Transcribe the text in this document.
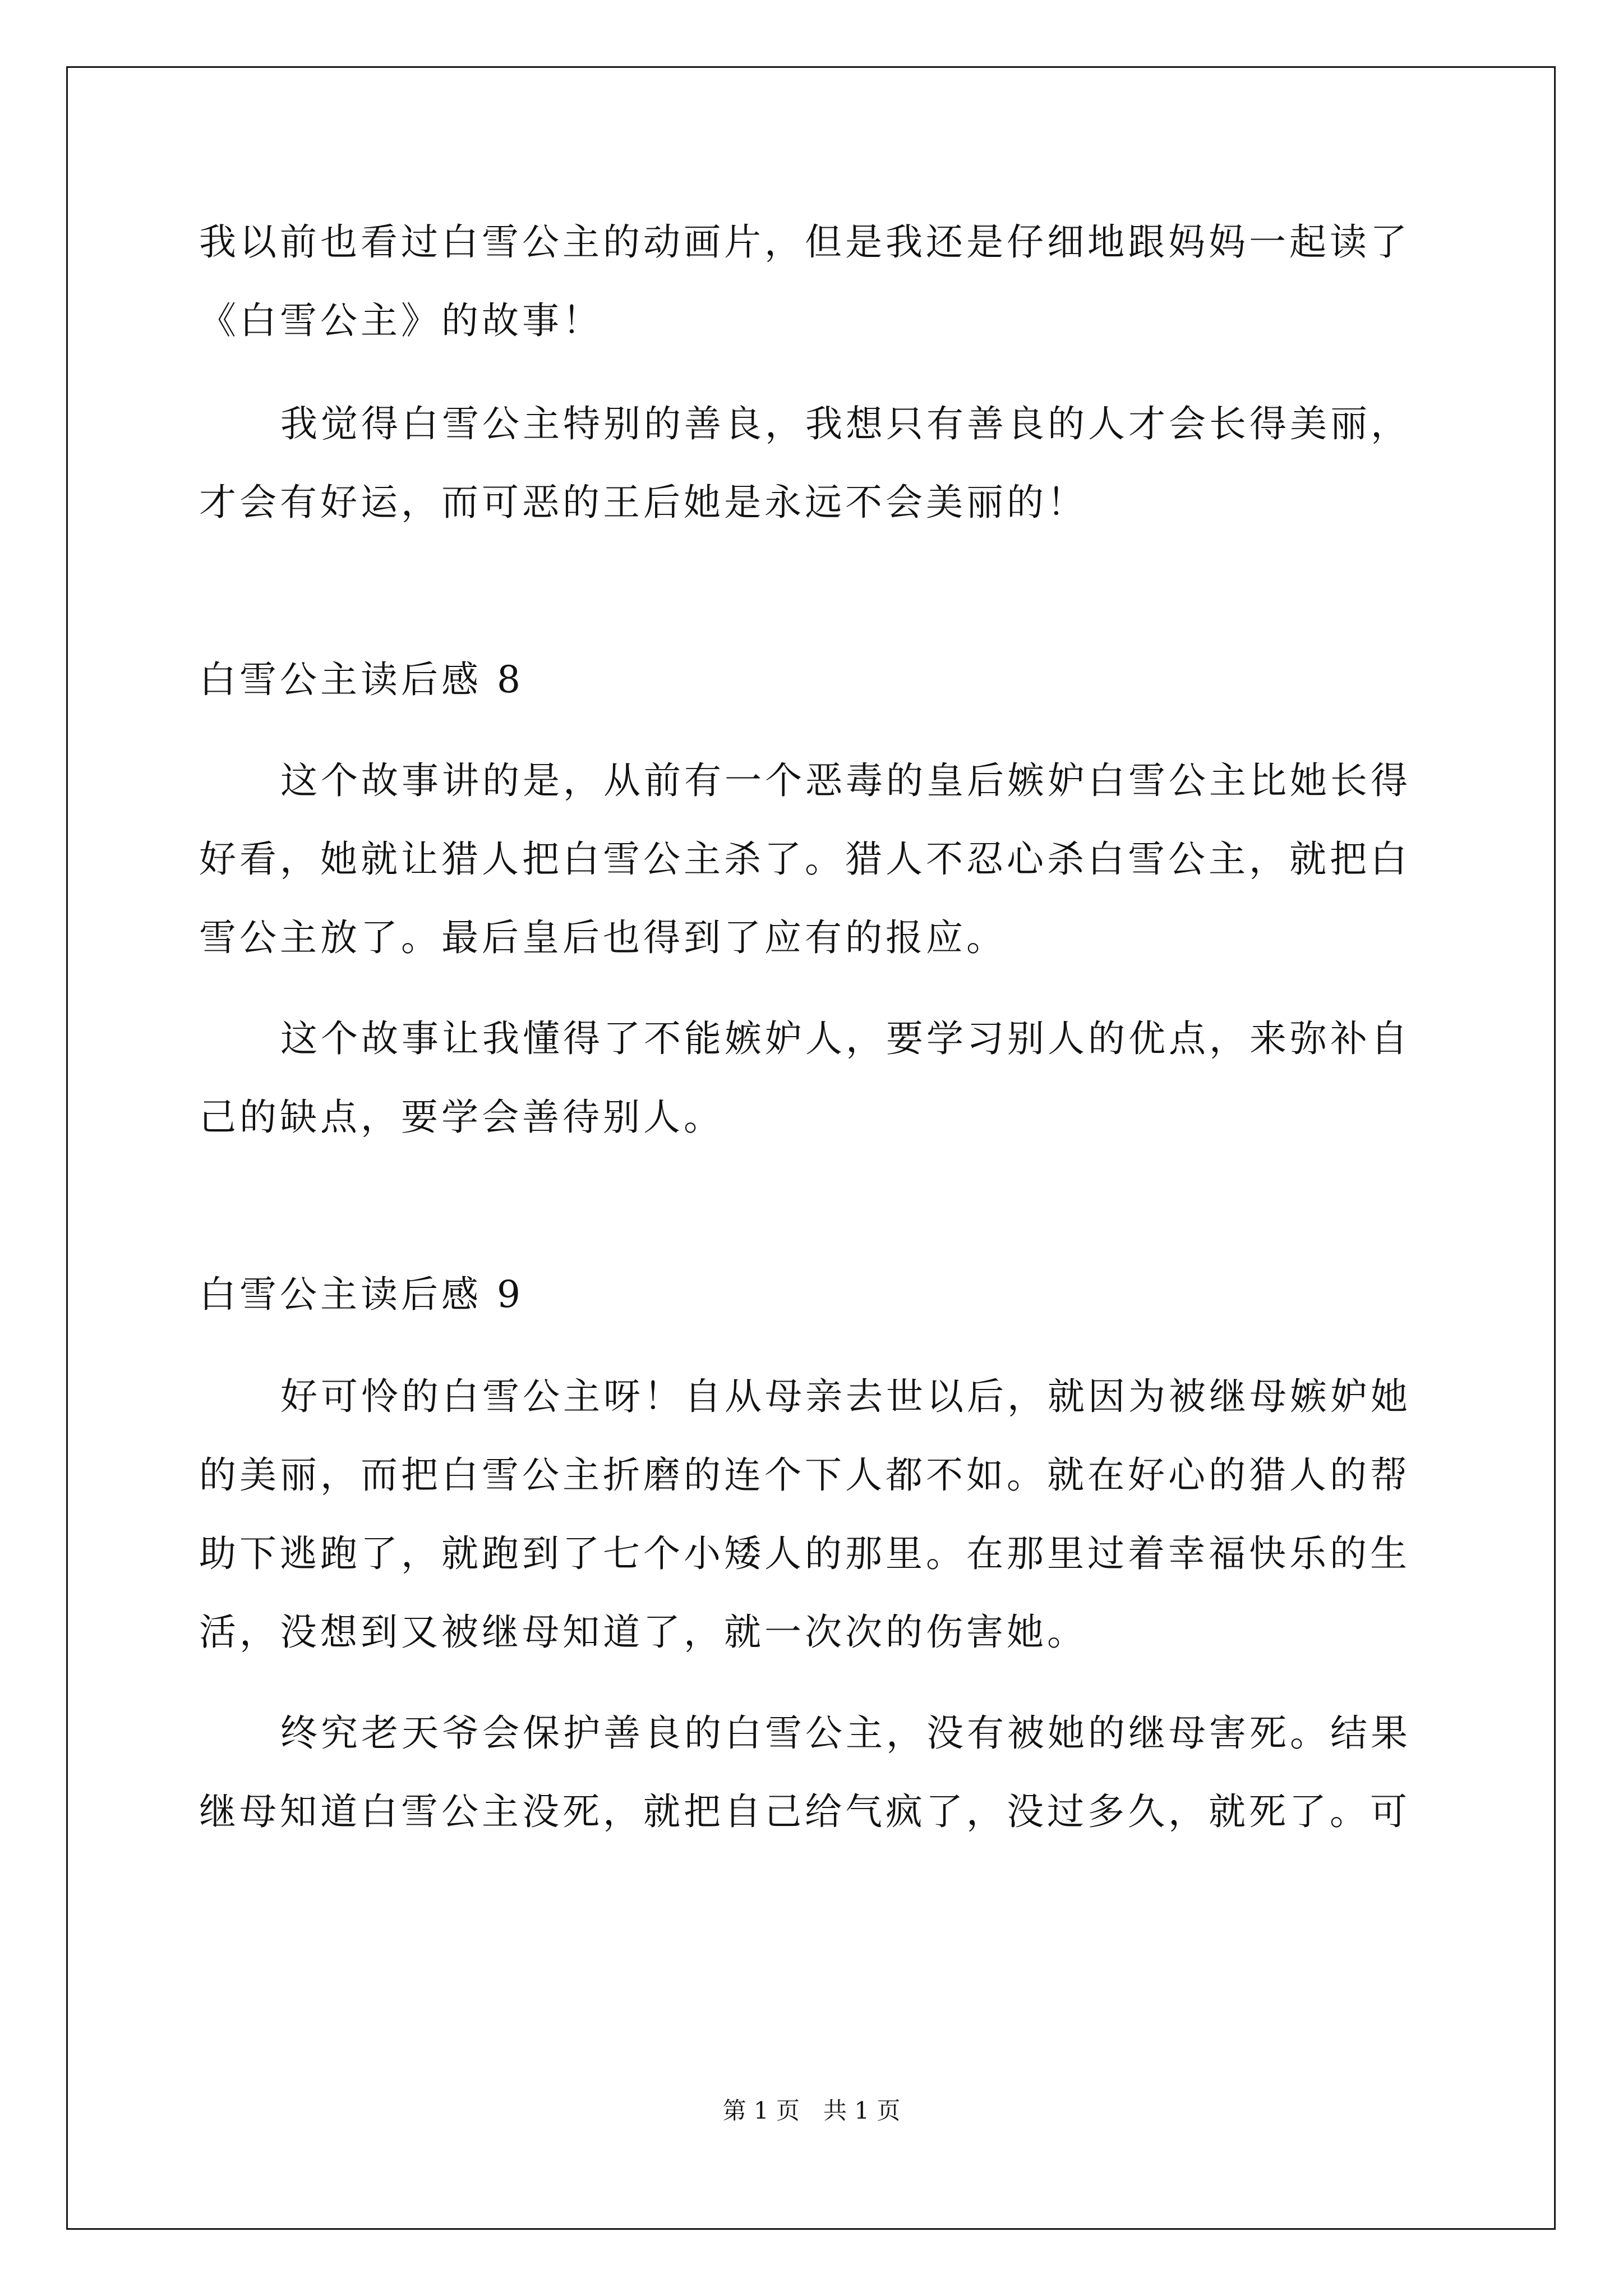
我以前也看过白雪公主的动画片，但是我还是仔细地跟妈妈一起读了
《白雪公主》的故事！
我觉得白雪公主特别的善良，我想只有善良的人才会长得美丽，
才会有好运，而可恶的王后她是永远不会美丽的！
白雪公主读后感 8
这个故事讲的是，从前有一个恶毒的皇后嫉妒白雪公主比她长得
好看，她就让猎人把白雪公主杀了。猎人不忍心杀白雪公主，就把白
雪公主放了。最后皇后也得到了应有的报应。
这个故事让我懂得了不能嫉妒人，要学习别人的优点，来弥补自
己的缺点，要学会善待别人。
白雪公主读后感 9
好可怜的白雪公主呀！自从母亲去世以后，就因为被继母嫉妒她
的美丽，而把白雪公主折磨的连个下人都不如。就在好心的猎人的帮
助下逃跑了，就跑到了七个小矮人的那里。在那里过着幸福快乐的生
活，没想到又被继母知道了，就一次次的伤害她。
终究老天爷会保护善良的白雪公主，没有被她的继母害死。结果
继母知道白雪公主没死，就把自己给气疯了，没过多久，就死了。可
第 1 页　共 1 页
